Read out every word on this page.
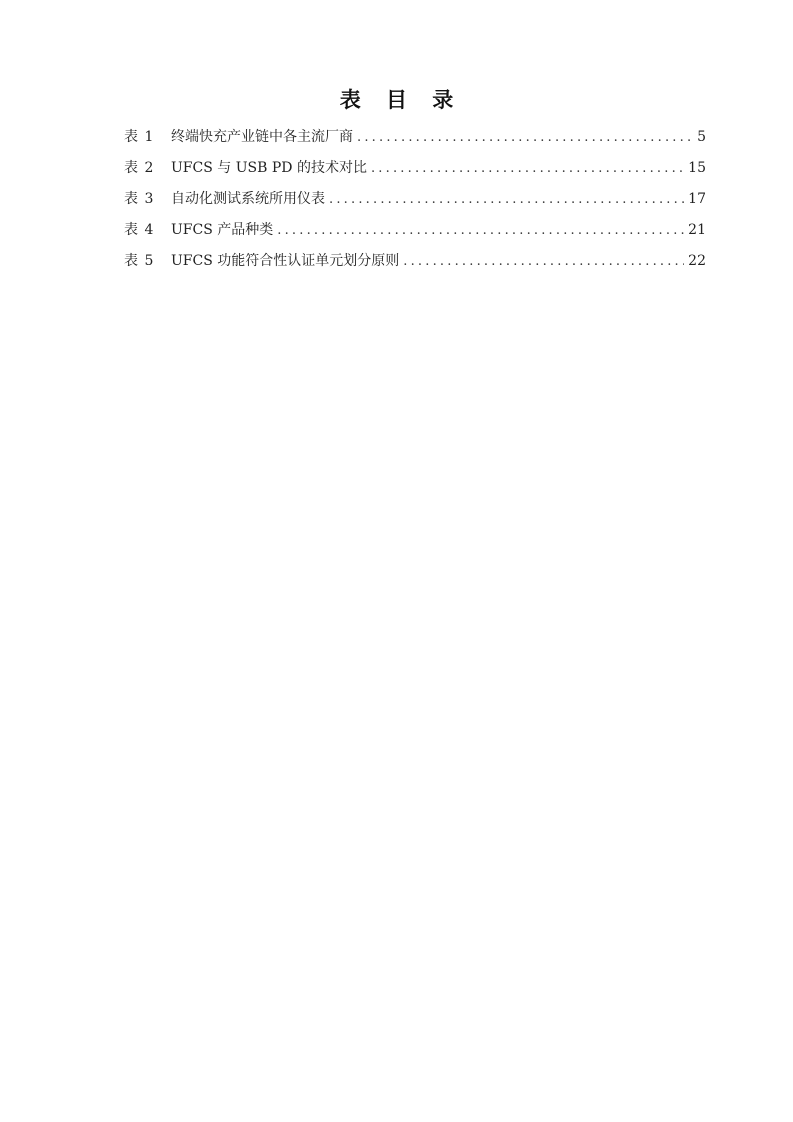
表 目 录
表 1	终端快充产业链中各主流厂商 .....	5
表 2	UFCS 与 USB PD 的技术对比 .....	15
表 3	自动化测试系统所用仪表 .....	17
表 4	UFCS 产品种类 .....	21
表 5	UFCS 功能符合性认证单元划分原则 .....	22
